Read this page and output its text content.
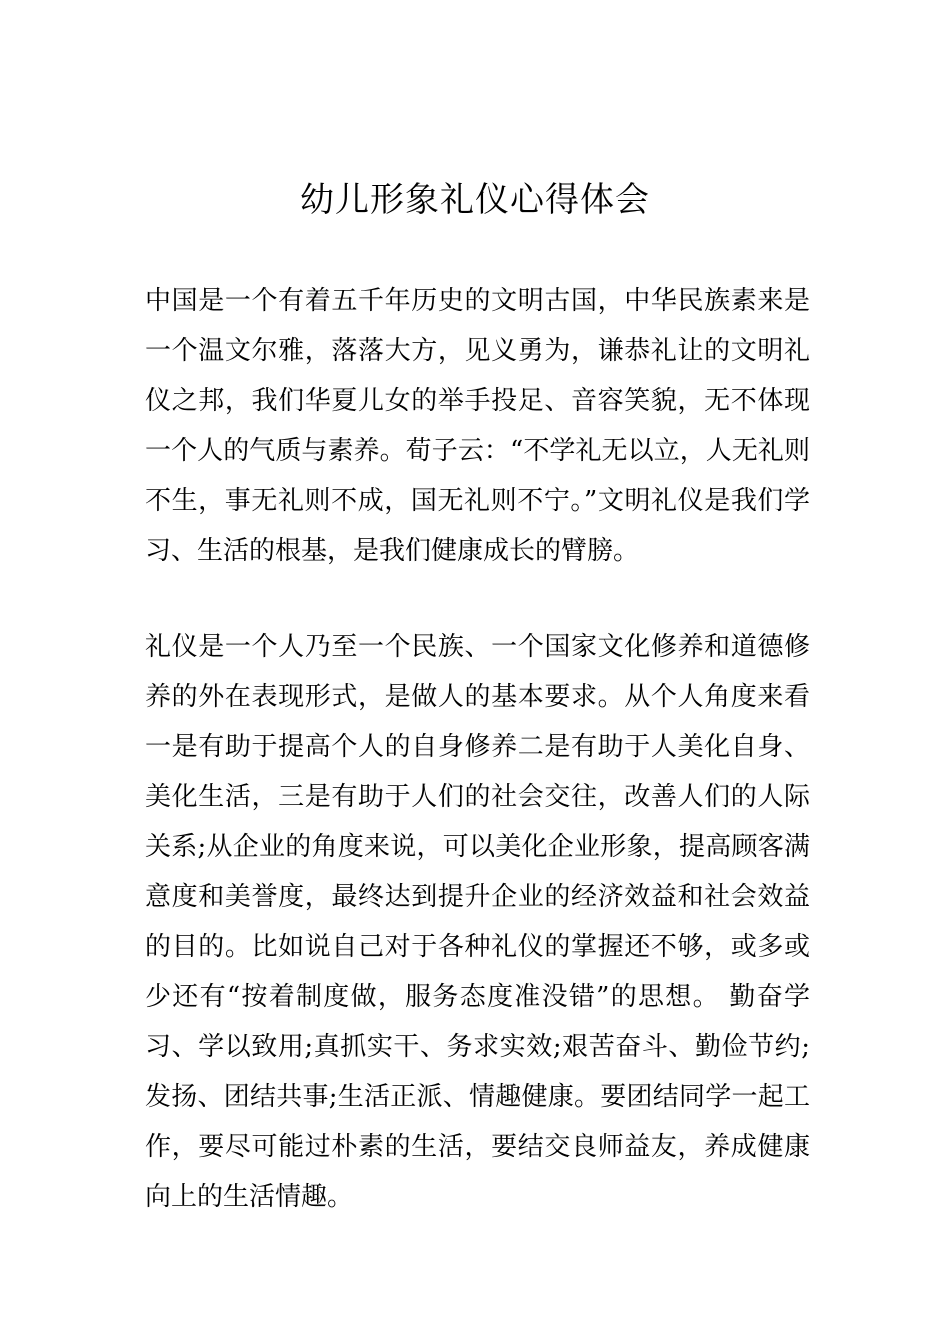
幼儿形象礼仪心得体会

中国是一个有着五千年历史的文明古国，中华民族素来是一个温文尔雅，落落大方，见义勇为，谦恭礼让的文明礼仪之邦，我们华夏儿女的举手投足、音容笑貌，无不体现一个人的气质与素养。荀子云：“不学礼无以立，人无礼则不生，事无礼则不成，国无礼则不宁。”文明礼仪是我们学习、生活的根基，是我们健康成长的臂膀。

礼仪是一个人乃至一个民族、一个国家文化修养和道德修养的外在表现形式，是做人的基本要求。从个人角度来看一是有助于提高个人的自身修养二是有助于人美化自身、美化生活，三是有助于人们的社会交往，改善人们的人际关系;从企业的角度来说，可以美化企业形象，提高顾客满意度和美誉度，最终达到提升企业的经济效益和社会效益的目的。比如说自己对于各种礼仪的掌握还不够，或多或少还有“按着制度做，服务态度准没错”的思想。 勤奋学习、学以致用;真抓实干、务求实效;艰苦奋斗、勤俭节约;发扬、团结共事;生活正派、情趣健康。要团结同学一起工作，要尽可能过朴素的生活，要结交良师益友，养成健康向上的生活情趣。
